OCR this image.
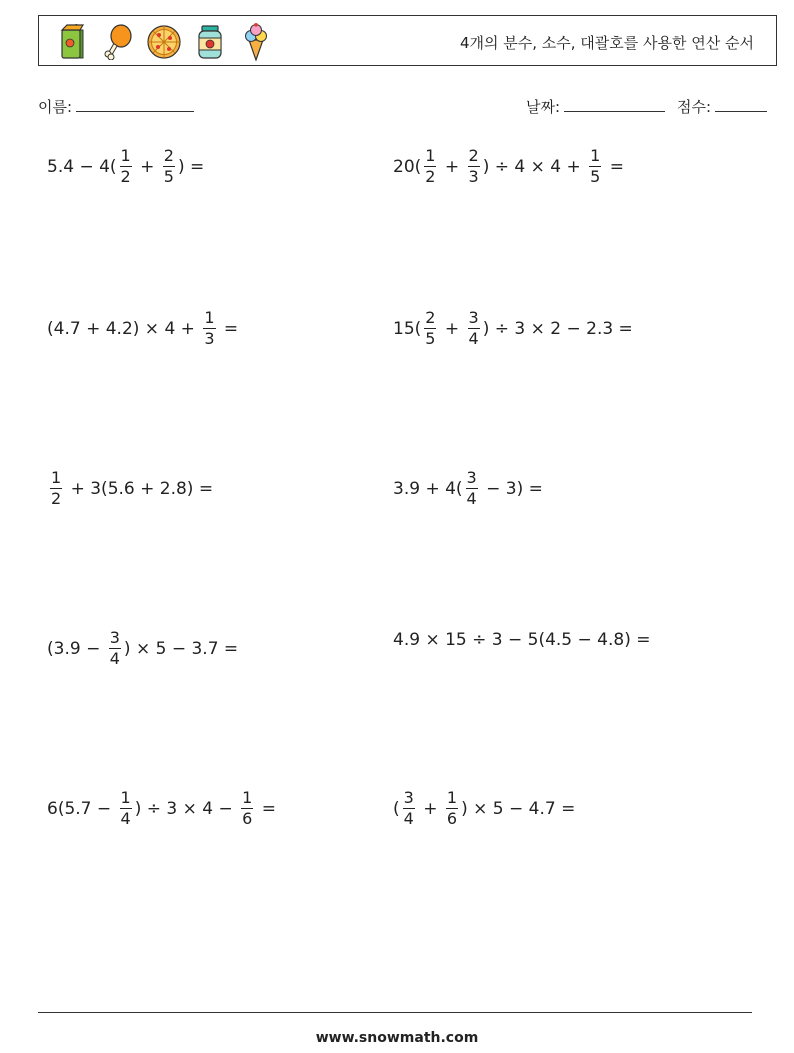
4개의 분수, 소수, 대괄호를 사용한 연산 순서
이름:	날짜:	점수:
$5.4 - 4( \frac{1}{2} + \frac{2}{5}$ ) =	$20( \frac{1}{2} + \frac{2}{3}$ ) ÷ $4 \times 4 + \frac{1}{5}$ =
$(4.7 + 4.2) \times 4 + \frac{1}{3}$ =	$15( \frac{2}{5} + \frac{3}{4}$ ) ÷ 3 × 2 − 2.3 =
$\frac{1}{2} + 3(5.6 + 2.8)$ =	$3.9 + 4( \frac{3}{4} - 3)$ =
($3.9 - \frac{3}{4}$ ) × 5 − 3.7 =	4.9 × 15 ÷ 3 − 5(4.5 − 4.8) =
$6(5.7 - \frac{1}{4}$ ) ÷ $3 \times 4 - \frac{1}{6}$ =	( $\frac{3}{4} + \frac{1}{6}$ ) × 5 − 4.7 =
www.snowmath.com
